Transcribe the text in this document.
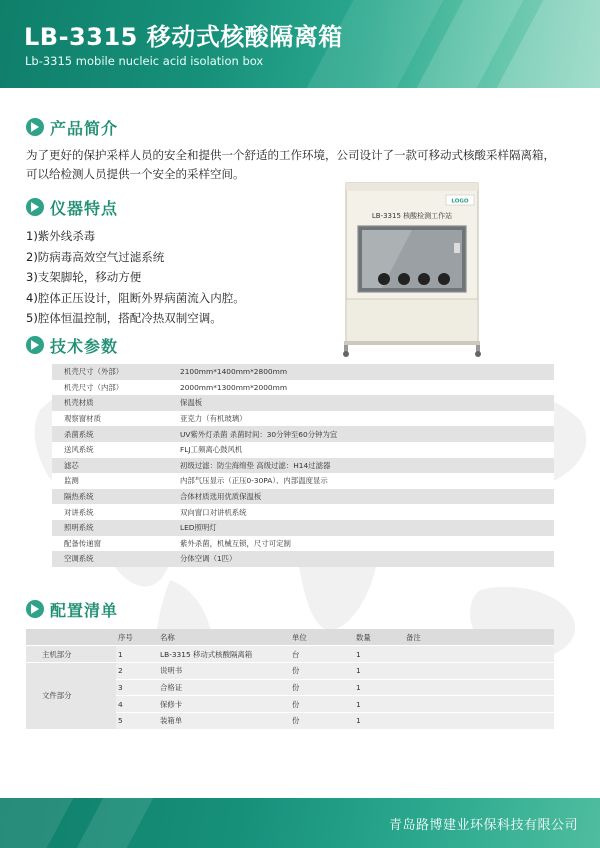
LB-3315 移动式核酸隔离箱
Lb-3315 mobile nucleic acid isolation box
产品简介

为了更好的保护采样人员的安全和提供一个舒适的工作环境，公司设计了一款可移动式核酸采样隔离箱，可以给检测人员提供一个安全的采样空间。

仪器特点
1)紫外线杀毒
2)防病毒高效空气过滤系统
3)支架脚轮，移动方便
4)腔体正压设计，阻断外界病菌流入内腔。
5)腔体恒温控制，搭配冷热双制空调。
LOGO
LB-3315 核酸检测工作站
技术参数
机壳尺寸（外部）	2100mm*1400mm*2800mm
机壳尺寸（内部）	2000mm*1300mm*2000mm
机壳材质	保温板
观察窗材质	亚克力（有机玻璃）
杀菌系统	UV紫外灯杀菌 杀菌时间：30分钟至60分钟为宜
送风系统	FLJ工频离心鼓风机
滤芯	初级过滤：防尘海绵垫 高级过滤：H14过滤器
监测	内部气压显示（正压0-30PA）、内部温度显示
隔热系统	合体材质选用优质保温板
对讲系统	双向窗口对讲机系统
照明系统	LED照明灯
配备传递窗	紫外杀菌，机械互锁，尺寸可定制
空调系统	分体空调（1匹）
配置清单
	序号	名称	单位	数量	备注
主机部分	1	LB-3315 移动式核酸隔离箱	台	1	
文件部分	2	说明书	份	1	
	3	合格证	份	1	
	4	保修卡	份	1	
	5	装箱单	份	1	
青岛路博建业环保科技有限公司
